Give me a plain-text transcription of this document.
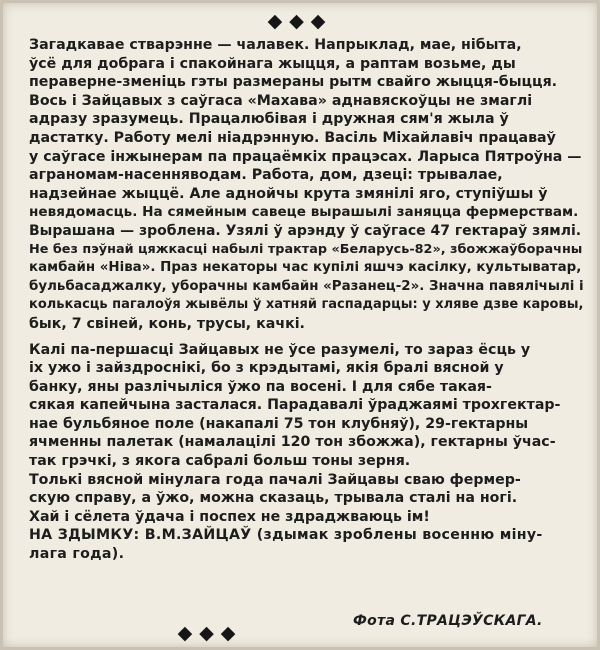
◆◆◆
Загадкавае стварэнне — чалавек. Напрыклад, мае, нібыта,
ўсё для добрага і спакойнага жыцця, а раптам возьме, ды
пераверне-зменіць гэты размераны рытм свайго жыцця-быцця.
Вось і Зайцавых з саўгаса «Махава» аднавяскоўцы не змаглі
адразу зразумець. Працалюбівая і дружная сям'я жыла ў
дастатку. Работу мелі ніадрэнную. Васіль Міхайлавіч працаваў
у саўгасе інжынерам па працаёмкіх працэсах. Ларыса Пятроўна —
аграномам-насенняводам. Работа, дом, дзеці: трывалае,
надзейнае жыццё. Але аднойчы крута змянілі яго, ступіўшы ў
невядомасць. На сямейным савеце вырашылі заняцца фермерствам.
Вырашана — зроблена. Узялі ў арэнду ў саўгасе 47 гектараў зямлі.
Не без пэўнай цяжкасці набылі трактар «Беларусь-82», збожжаўборачны
камбайн «Ніва». Праз некаторы час купілі яшчэ касілку, культыватар,
бульбасаджалку, уборачны камбайн «Разанец-2». Значна павялічылі і
колькасць пагалоўя жывёлы ў хатняй гаспадарцы: у хляве дзве каровы,
бык, 7 свіней, конь, трусы, качкі.
Калі па-першасці Зайцавых не ўсе разумелі, то зараз ёсць у
іх ужо і зайздроснікі, бо з крэдытамі, якія бралі вясной у
банку, яны разлічыліся ўжо па восені. І для сябе такая-
сякая капейчына засталася. Парадавалі ўраджаямі трохгектар-
нае бульбяное поле (накапалі 75 тон клубняў), 29-гектарны
ячменны палетак (намалацілі 120 тон збожжа), гектарны ўчас-
так грэчкі, з якога сабралі больш тоны зерня.
Толькі вясной мінулага года пачалі Зайцавы сваю фермер-
скую справу, а ўжо, можна сказаць, трывала сталі на ногі.
Хай і сёлета ўдача і поспех не здраджваюць ім!
НА ЗДЫМКУ: В.М.ЗАЙЦАЎ (здымак зроблены восенню міну-
лага года).
Фота С.ТРАЦЭЎСКАГА.
◆◆◆
